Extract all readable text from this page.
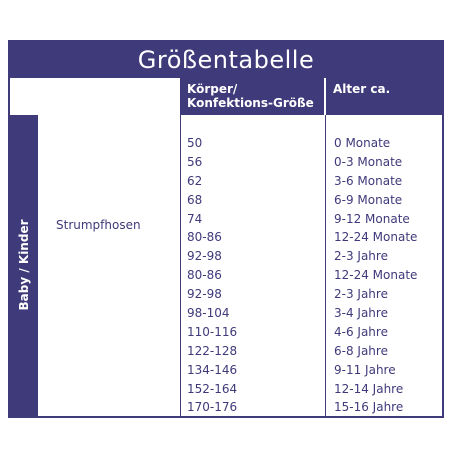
Größentabelle
Körper/
Konfektions-Größe
Alter ca.
Baby / Kinder Strumpfhosen
50
56
62
68
74
80-86
92-98
80-86
92-98
98-104
110-116
122-128
134-146
152-164
170-176
0 Monate
0-3 Monate
3-6 Monate
6-9 Monate
9-12 Monate
12-24 Monate
2-3 Jahre
12-24 Monate
2-3 Jahre
3-4 Jahre
4-6 Jahre
6-8 Jahre
9-11 Jahre
12-14 Jahre
15-16 Jahre
